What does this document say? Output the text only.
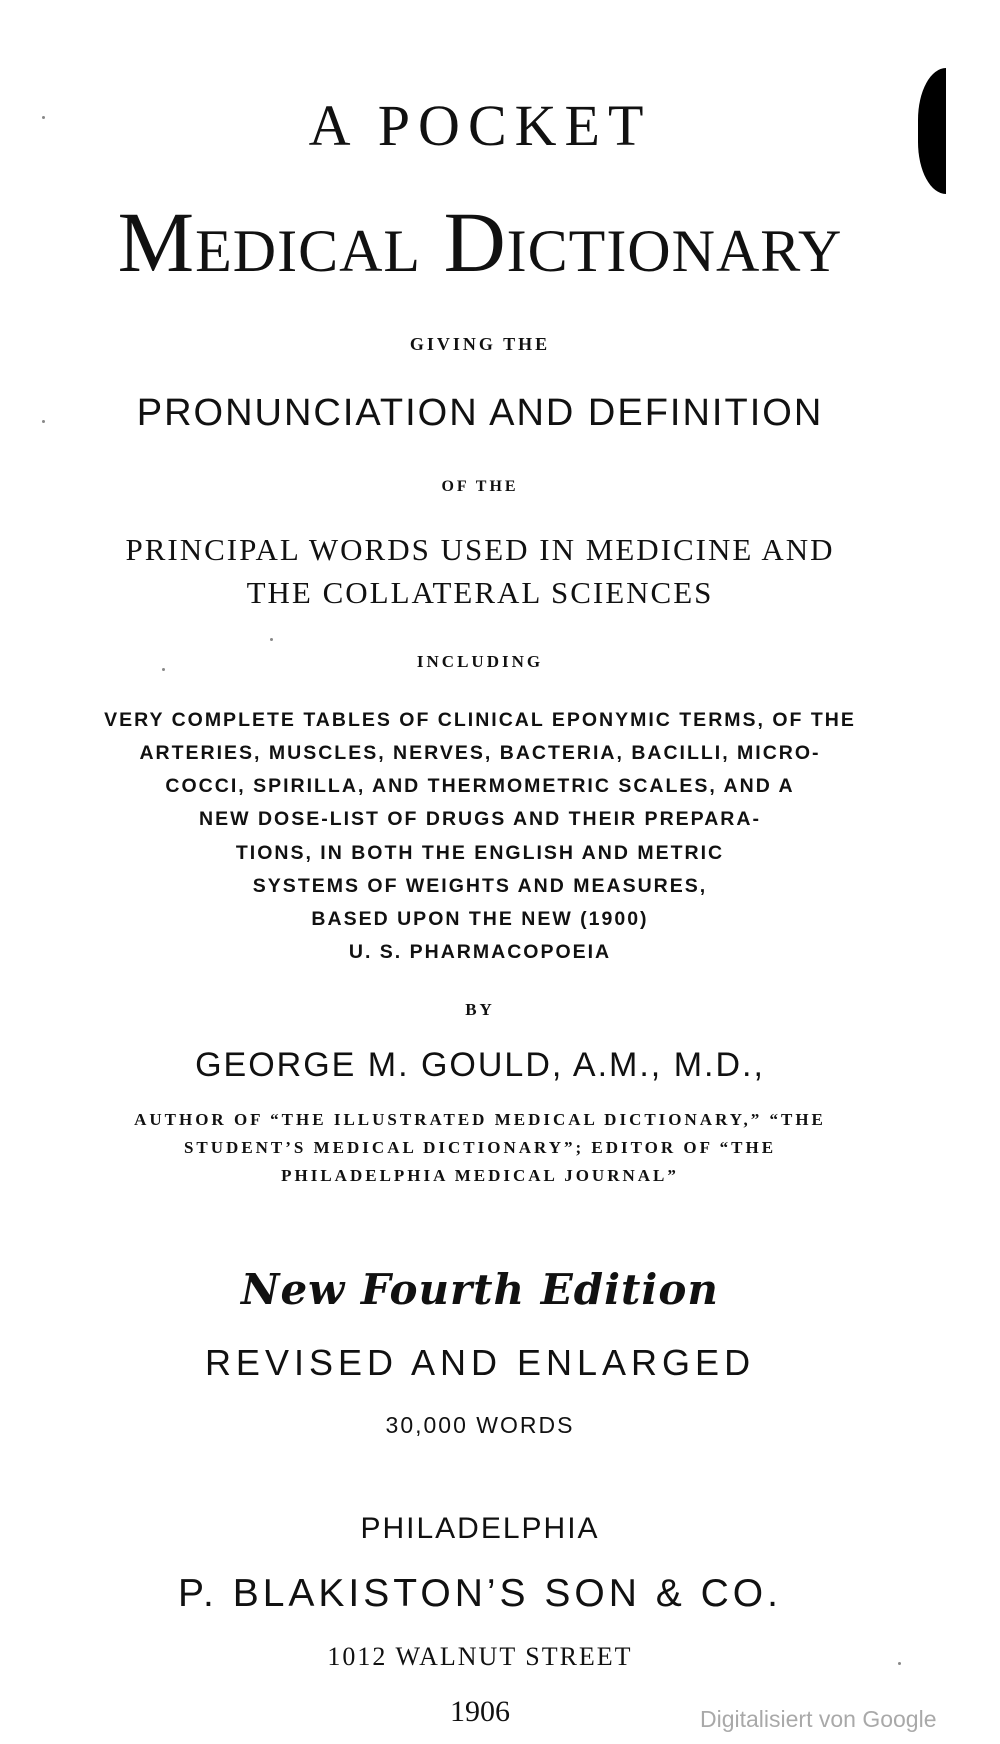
A POCKET
Medical Dictionary
GIVING THE
PRONUNCIATION AND DEFINITION
OF THE
PRINCIPAL WORDS USED IN MEDICINE AND
THE COLLATERAL SCIENCES
INCLUDING
VERY COMPLETE TABLES OF CLINICAL EPONYMIC TERMS, OF THE
ARTERIES, MUSCLES, NERVES, BACTERIA, BACILLI, MICRO-
COCCI, SPIRILLA, AND THERMOMETRIC SCALES, AND A
NEW DOSE-LIST OF DRUGS AND THEIR PREPARA-
TIONS, IN BOTH THE ENGLISH AND METRIC
SYSTEMS OF WEIGHTS AND MEASURES,
BASED UPON THE NEW (1900)
U. S. PHARMACOPOEIA
BY
GEORGE M. GOULD, A.M., M.D.,
AUTHOR OF “THE ILLUSTRATED MEDICAL DICTIONARY,” “THE
STUDENT’S MEDICAL DICTIONARY”; EDITOR OF “THE
PHILADELPHIA MEDICAL JOURNAL”
New Fourth Edition
REVISED AND ENLARGED
30,000 WORDS
PHILADELPHIA
P. BLAKISTON’S SON & CO.
1012 WALNUT STREET
1906	Digitalisiert von Google
